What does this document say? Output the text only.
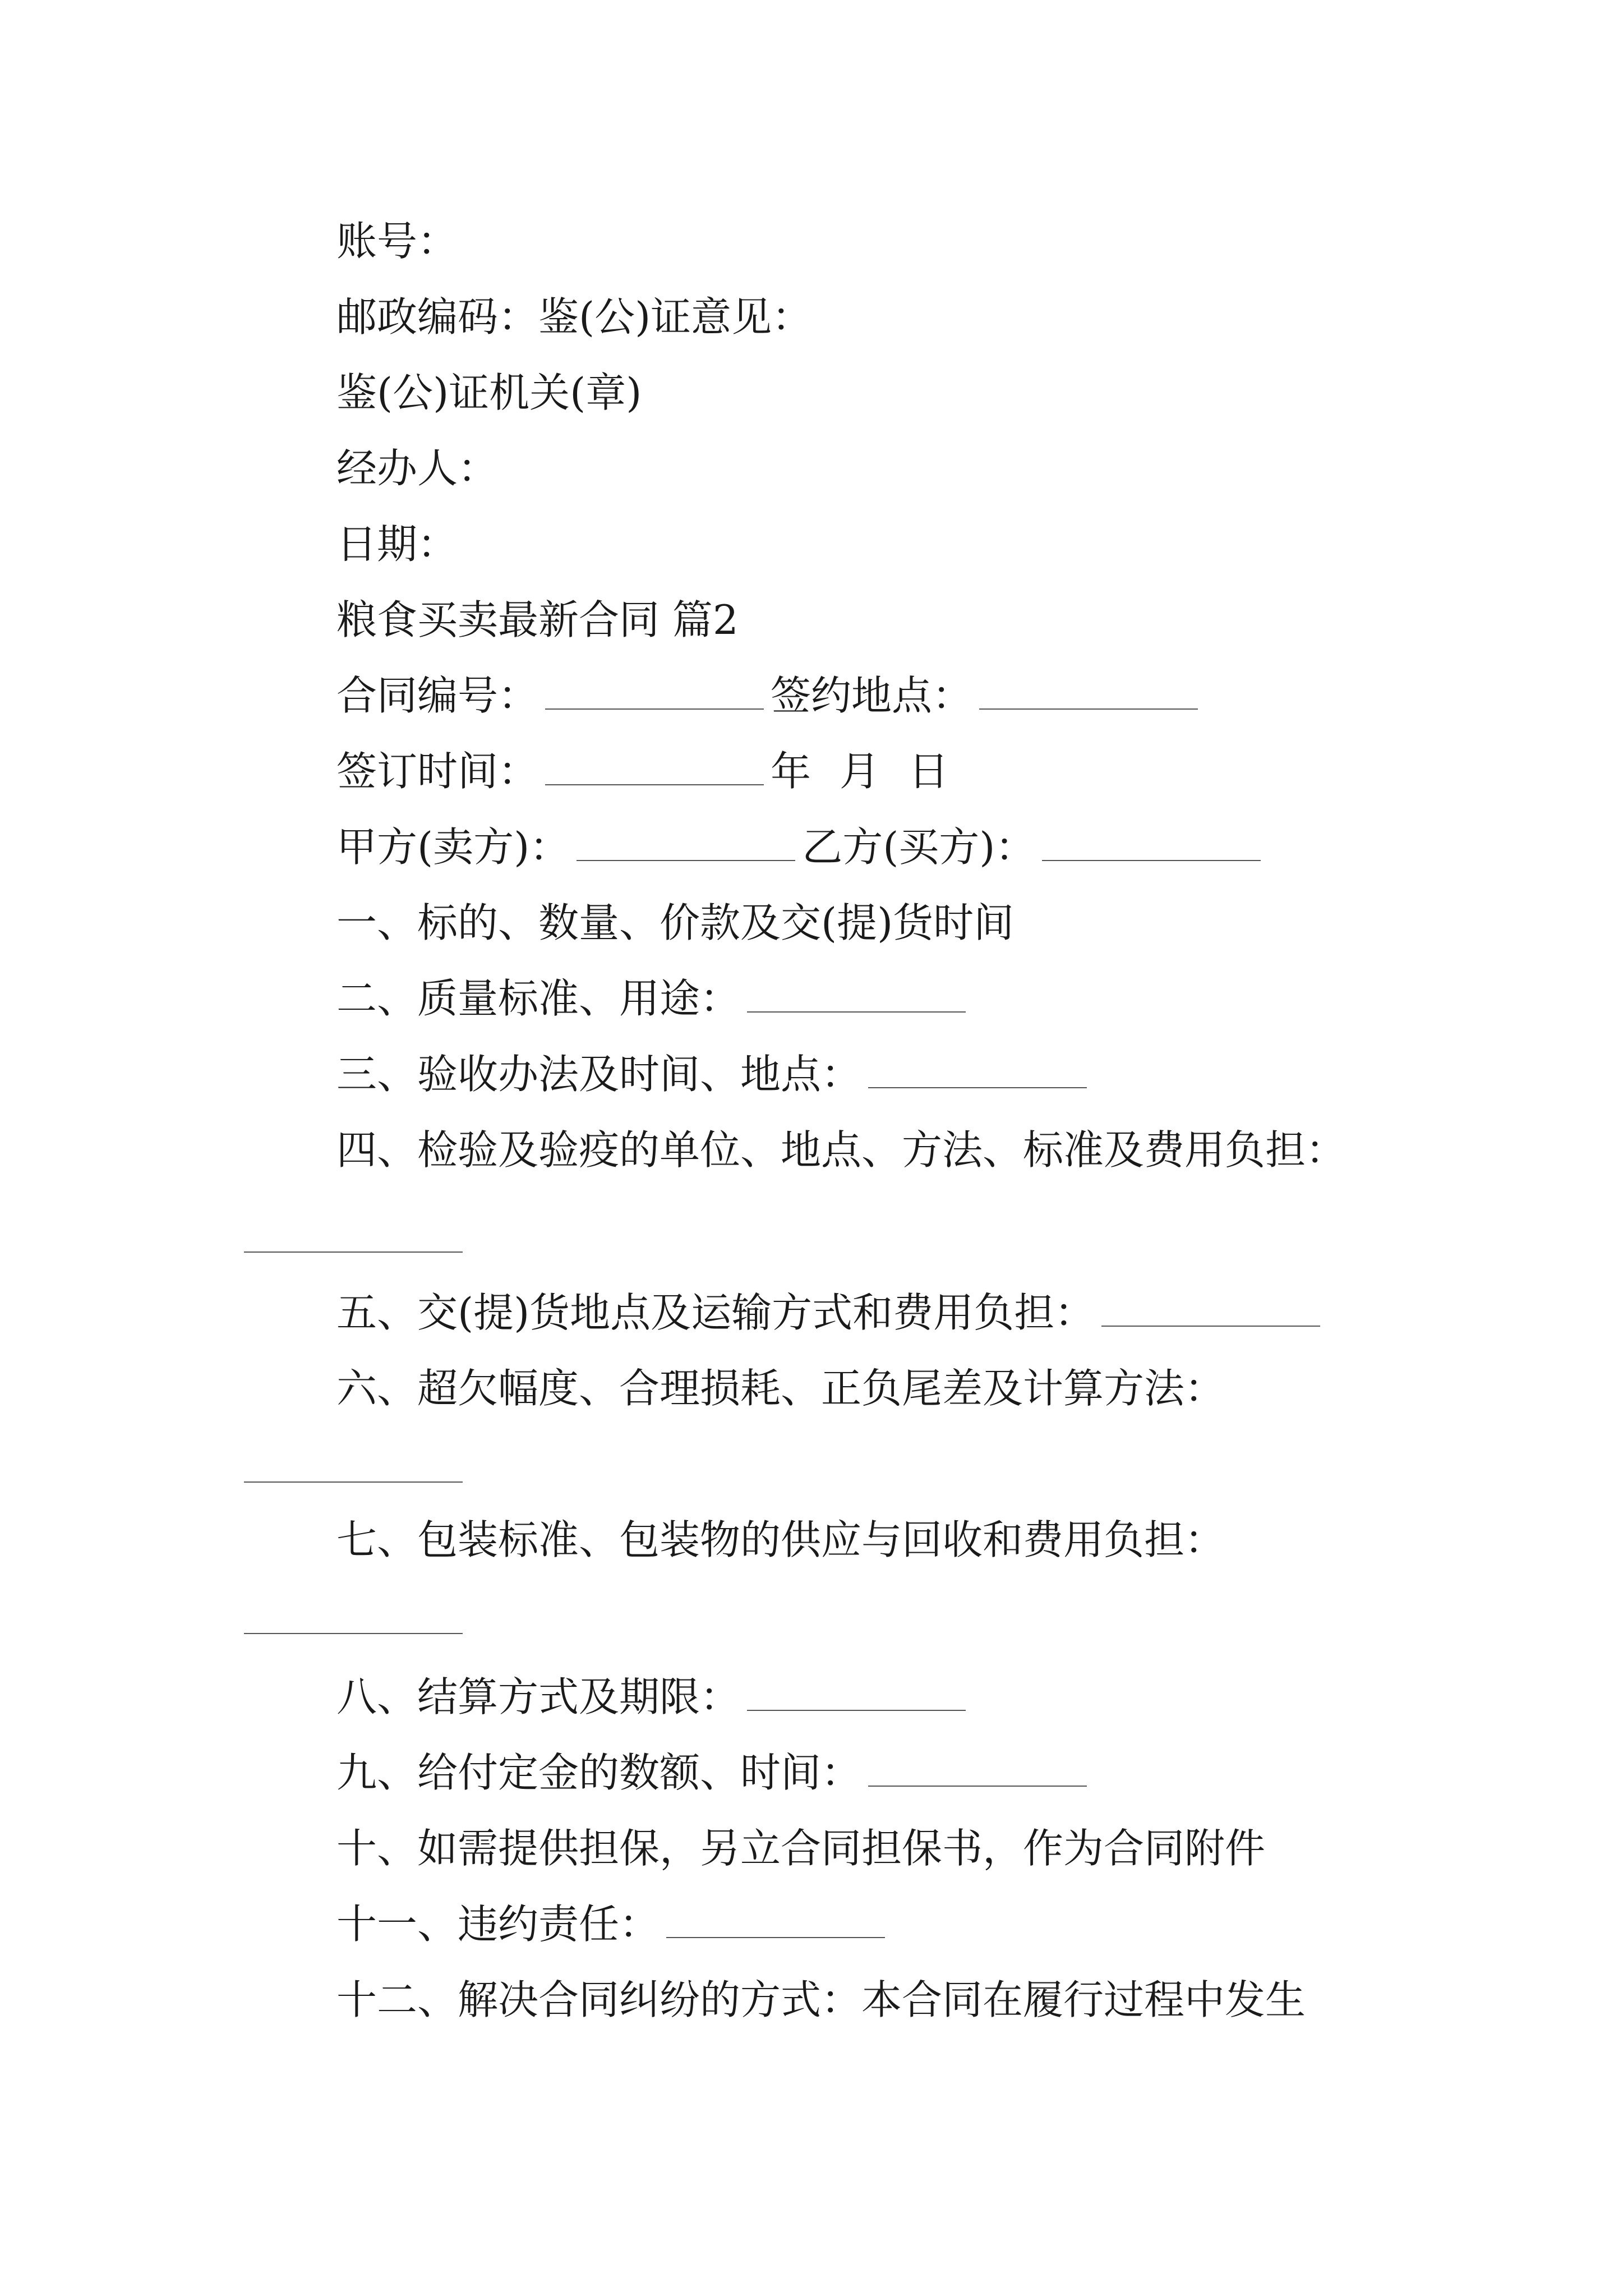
账号：
邮政编码：鉴(公)证意见：
鉴(公)证机关(章)
经办人：
日期：
粮食买卖最新合同 篇2
合同编号：	签约地点：
签订时间：	年 月 日
甲方(卖方)：	乙方(买方)：
一、标的、数量、价款及交(提)货时间
二、质量标准、用途：
三、验收办法及时间、地点：
四、检验及验疫的单位、地点、方法、标准及费用负担：
五、交(提)货地点及运输方式和费用负担：
六、超欠幅度、合理损耗、正负尾差及计算方法：
七、包装标准、包装物的供应与回收和费用负担：
八、结算方式及期限：
九、给付定金的数额、时间：
十、如需提供担保，另立合同担保书，作为合同附件
十一、违约责任：
十二、解决合同纠纷的方式：本合同在履行过程中发生
